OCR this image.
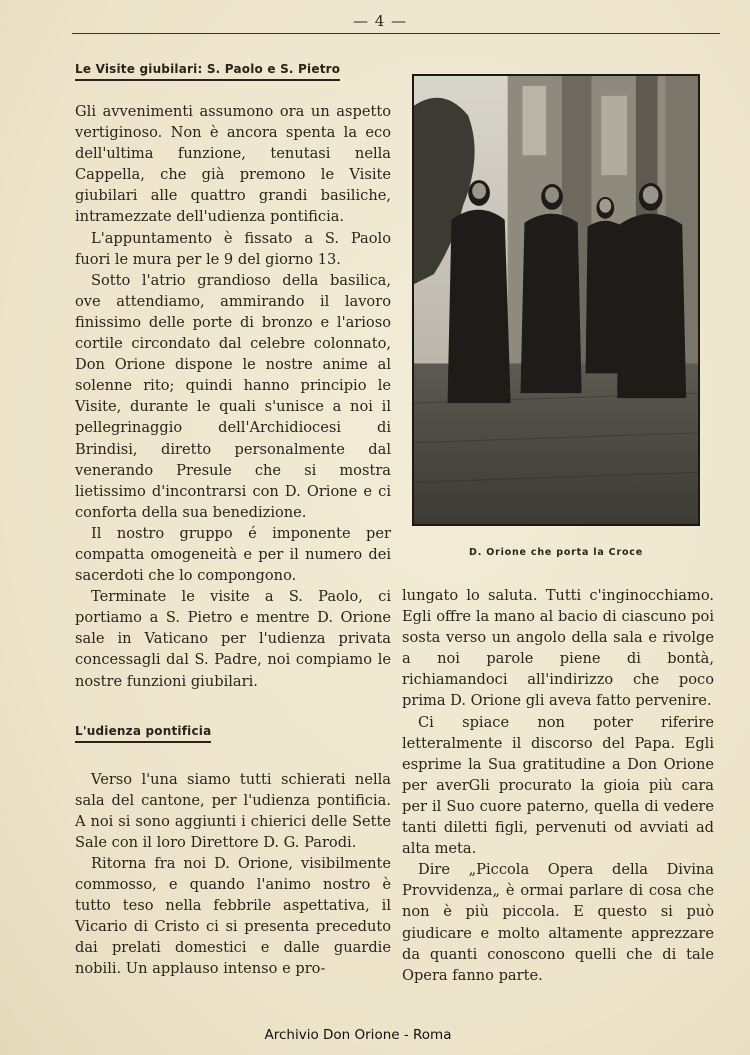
— 4 —
Le Visite giubilari: S. Paolo e S. Pietro

Gli avvenimenti assumono ora un aspetto vertiginoso. Non è ancora spenta la eco dell'ultima funzione, tenutasi nella Cappella, che già premono le Visite giubilari alle quattro grandi basiliche, intramezzate dell'udienza pontificia.

L'appuntamento è fissato a S. Paolo fuori le mura per le 9 del giorno 13.

Sotto l'atrio grandioso della basilica, ove attendiamo, ammirando il lavoro finissimo delle porte di bronzo e l'arioso cortile circondato dal celebre colonnato, Don Orione dispone le nostre anime al solenne rito; quindi hanno principio le Visite, durante le quali s'unisce a noi il pellegrinaggio dell'Archidiocesi di Brindisi, diretto personalmente dal venerando Presule che si mostra lietissimo d'incontrarsi con D. Orione e ci conforta della sua benedizione.

Il nostro gruppo é imponente per compatta omogeneità e per il numero dei sacerdoti che lo compongono.

Terminate le visite a S. Paolo, ci portiamo a S. Pietro e mentre D. Orione sale in Vaticano per l'udienza privata concessagli dal S. Padre, noi compiamo le nostre funzioni giubilari.

L'udienza pontificia

Verso l'una siamo tutti schierati nella sala del cantone, per l'udienza pontificia. A noi si sono aggiunti i chierici delle Sette Sale con il loro Direttore D. G. Parodi.

Ritorna fra noi D. Orione, visibilmente commosso, e quando l'animo nostro è tutto teso nella febbrile aspettativa, il Vicario di Cristo ci si presenta preceduto dai prelati domestici e dalle guardie nobili. Un applauso intenso e pro-

D. Orione che porta la Croce

lungato lo saluta. Tutti c'inginocchiamo. Egli offre la mano al bacio di ciascuno poi sosta verso un angolo della sala e rivolge a noi parole piene di bontà, richiamandoci all'indirizzo che poco prima D. Orione gli aveva fatto pervenire.

Ci spiace non poter riferire letteralmente il discorso del Papa. Egli esprime la Sua gratitudine a Don Orione per averGli procurato la gioia più cara per il Suo cuore paterno, quella di vedere tanti diletti figli, pervenuti od avviati ad alta meta.

Dire „Piccola Opera della Divina Provvidenza„ è ormai parlare di cosa che non è più piccola. E questo si può giudicare e molto altamente apprezzare da quanti conoscono quelli che di tale Opera fanno parte.

Archivio Don Orione - Roma
